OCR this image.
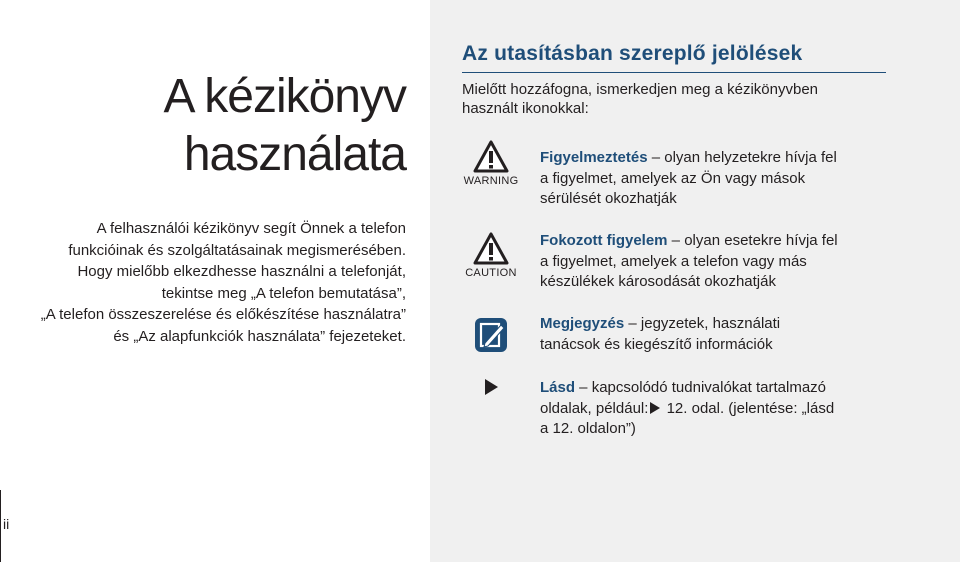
A kézikönyv
használata

A felhasználói kézikönyv segít Önnek a telefon
funkcióinak és szolgáltatásainak megismerésében.
Hogy mielőbb elkezdhesse használni a telefonját,
tekintse meg „A telefon bemutatása”,
„A telefon összeszerelése és előkészítése használatra”
és „Az alapfunkciók használata” fejezeteket.

ii
Az utasításban szereplő jelölések

Mielőtt hozzáfogna, ismerkedjen meg a kézikönyvben
használt ikonokkal:

WARNING

Figyelmeztetés – olyan helyzetekre hívja fel
a figyelmet, amelyek az Ön vagy mások
sérülését okozhatják

CAUTION

Fokozott figyelem – olyan esetekre hívja fel
a figyelmet, amelyek a telefon vagy más
készülékek károsodását okozhatják

Megjegyzés – jegyzetek, használati
tanácsok és kiegészítő információk

Lásd – kapcsolódó tudnivalókat tartalmazó
oldalak, például: 12. odal. (jelentése: „lásd
a 12. oldalon”)
